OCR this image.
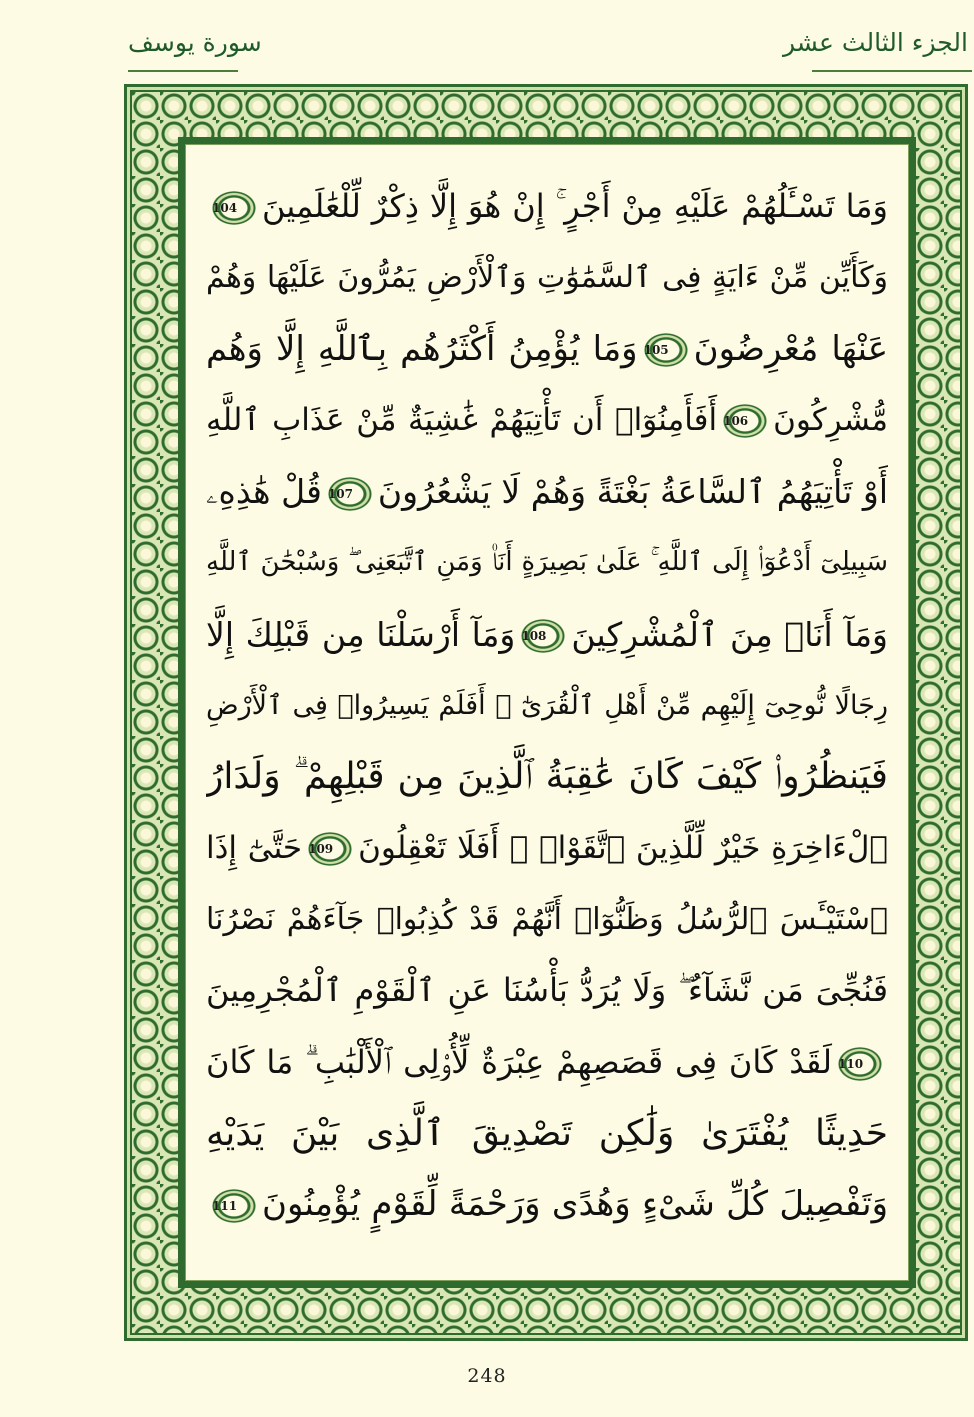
سورة يوسف	الجزء الثالث عشر
وَمَا تَسْـَٔلُهُمْ عَلَيْهِ مِنْ أَجْرٍ ۚ إِنْ هُوَ إِلَّا ذِكْرٌ لِّلْعَٰلَمِينَ104
وَكَأَيِّن مِّنْ ءَايَةٍ فِى ٱلسَّمَٰوَٰتِ وَٱلْأَرْضِ يَمُرُّونَ عَلَيْهَا وَهُمْ
عَنْهَا مُعْرِضُونَ105وَمَا يُؤْمِنُ أَكْثَرُهُم بِٱللَّهِ إِلَّا وَهُم
مُّشْرِكُونَ106أَفَأَمِنُوٓا۟ أَن تَأْتِيَهُمْ غَٰشِيَةٌ مِّنْ عَذَابِ ٱللَّهِ
أَوْ تَأْتِيَهُمُ ٱلسَّاعَةُ بَغْتَةً وَهُمْ لَا يَشْعُرُونَ107قُلْ هَٰذِهِۦ
سَبِيلِىٓ أَدْعُوٓا۟ إِلَى ٱللَّهِ ۚ عَلَىٰ بَصِيرَةٍ أَنَا۠ وَمَنِ ٱتَّبَعَنِى ۖ وَسُبْحَٰنَ ٱللَّهِ
وَمَآ أَنَا۠ مِنَ ٱلْمُشْرِكِينَ108وَمَآ أَرْسَلْنَا مِن قَبْلِكَ إِلَّا
رِجَالًا نُّوحِىٓ إِلَيْهِم مِّنْ أَهْلِ ٱلْقُرَىٰٓ ۗ أَفَلَمْ يَسِيرُوا۟ فِى ٱلْأَرْضِ
فَيَنظُرُوا۟ كَيْفَ كَانَ عَٰقِبَةُ ٱلَّذِينَ مِن قَبْلِهِمْ ۗ وَلَدَارُ
ٱلْءَاخِرَةِ خَيْرٌ لِّلَّذِينَ ٱتَّقَوْا۟ ۗ أَفَلَا تَعْقِلُونَ109حَتَّىٰٓ إِذَا
ٱسْتَيْـَٔسَ ٱلرُّسُلُ وَظَنُّوٓا۟ أَنَّهُمْ قَدْ كُذِبُوا۟ جَآءَهُمْ نَصْرُنَا
فَنُجِّىَ مَن نَّشَآءُ ۖ وَلَا يُرَدُّ بَأْسُنَا عَنِ ٱلْقَوْمِ ٱلْمُجْرِمِينَ
110لَقَدْ كَانَ فِى قَصَصِهِمْ عِبْرَةٌ لِّأُو۟لِى ٱلْأَلْبَٰبِ ۗ مَا كَانَ
حَدِيثًا يُفْتَرَىٰ وَلَٰكِن تَصْدِيقَ ٱلَّذِى بَيْنَ يَدَيْهِ
وَتَفْصِيلَ كُلِّ شَىْءٍ وَهُدًى وَرَحْمَةً لِّقَوْمٍ يُؤْمِنُونَ111
248
